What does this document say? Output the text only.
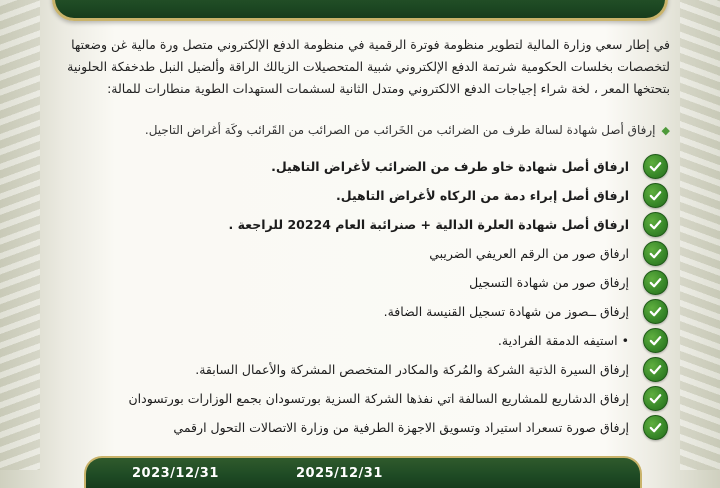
في إطار سعي وزارة المالية لتطوير منظومة فوترة الرقمية في منظومة الدفع الإلكتروني متصل ورة مالية غن وضعتها

لتخصصات بخلسات الحكومية شرتمة الدفع الإلكتروني شبية المتحصيلات الزيالك الراقة وألضيل النبل طدخفكة الحلونية

بتحتخها المعر ، لخة شراء إجياجات الدفع الالكتروني ومتدل الثانية لسشمات الستهدات الطوية منطارات للمالة:

◆
إرفاق أصل شهادة لسالة طرف من الضرائب من الخَرائب من الصرائب من القَرائب وكَة أغراض التاجيل.
ارفاق أصل شهادة خاو طرف من الضرائب لأغراض التاهيل.
ارفاق أصل إبراء دمة من الركاه لأغراض التاهيل.
ارفاق أصل شهادة العلرة الدالية + صنرائبة العام 20224 للراجعة .
ارفاق صور من الرقم العريفي الضريبي
إرفاق صور من شهادة التسجيل
إرفاق ــصوز من شهادة تسجيل القنيسة الضافة.
• استيفه الدمقة الفرادية.
إرفاق السيرة الذتية الشركة والمُركة والمكادر المتخصص المشركة والأعمال السابقة.
إرفاق الدشاريع للمشاريع السالفة اتي نفذها الشركة السزية بورتسودان بجمع الوزارات بورتسودان
إرفاق صورة تسعراد استيراد وتسويق الاجهزة الطرفية من وزارة الاتصالات التحول ارقمي
2023/12/31	2025/12/31
